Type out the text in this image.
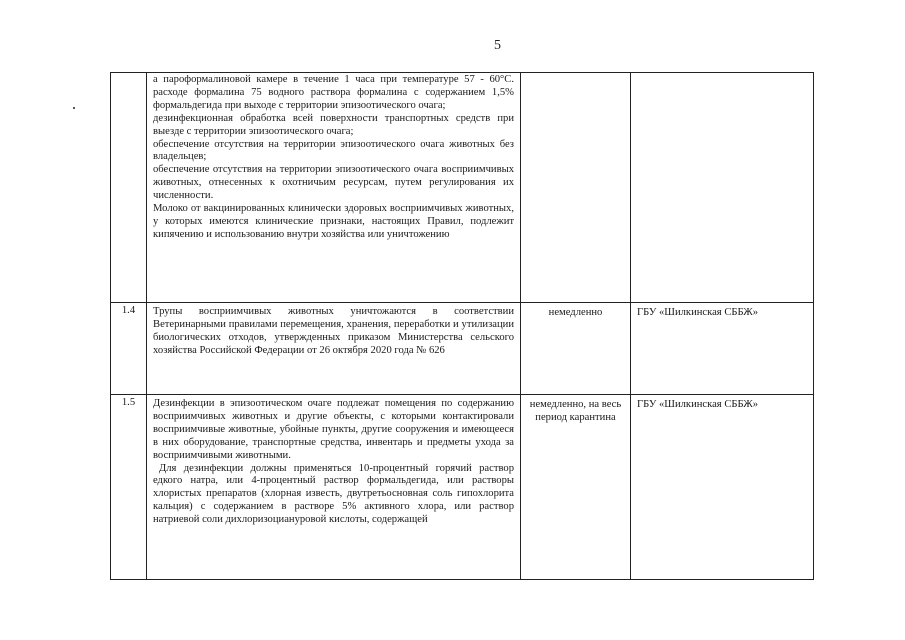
5

	а пароформалиновой камере в течение 1 часа при температуре 57 - 60°С. расходе формалина 75 водного раствора формалина с содержанием 1,5% формальдегида при выходе с территории эпизоотического очага;

дезинфекционная обработка всей поверхности транспортных средств при выезде с территории эпизоотического очага;

обеспечение отсутствия на территории эпизоотического очага животных без владельцев;

обеспечение отсутствия на территории эпизоотического очага восприимчивых животных, отнесенных к охотничьим ресурсам, путем регулирования их численности.

Молоко от вакцинированных клинически здоровых восприимчивых животных, у которых имеются клинические признаки, настоящих Правил, подлежит кипячению и использованию внутри хозяйства или уничтожению		

1.4	Трупы восприимчивых животных уничтожаются в соответствии Ветеринарными правилами перемещения, хранения, переработки и утилизации биологических отходов, утвержденных приказом Министерства сельского хозяйства Российской Федерации от 26 октября 2020 года № 626	немедленно	ГБУ «Шилкинская СББЖ»
1.5	Дезинфекции в эпизоотическом очаге подлежат помещения по содержанию восприимчивых животных и другие объекты, с которыми контактировали восприимчивые животные, убойные пункты, другие сооружения и имеющееся в них оборудование, транспортные средства, инвентарь и предметы ухода за восприимчивыми животными.

Для дезинфекции должны применяться 10-процентный горячий раствор едкого натра, или 4-процентный раствор формальдегида, или растворы хлористых препаратов (хлорная известь, двутретьосновная соль гипохлорита кальция) с содержанием в растворе 5% активного хлора, или раствор натриевой соли дихлоризоциануровой кислоты, содержащей	немедленно, на весь период карантина	ГБУ «Шилкинская СББЖ»
